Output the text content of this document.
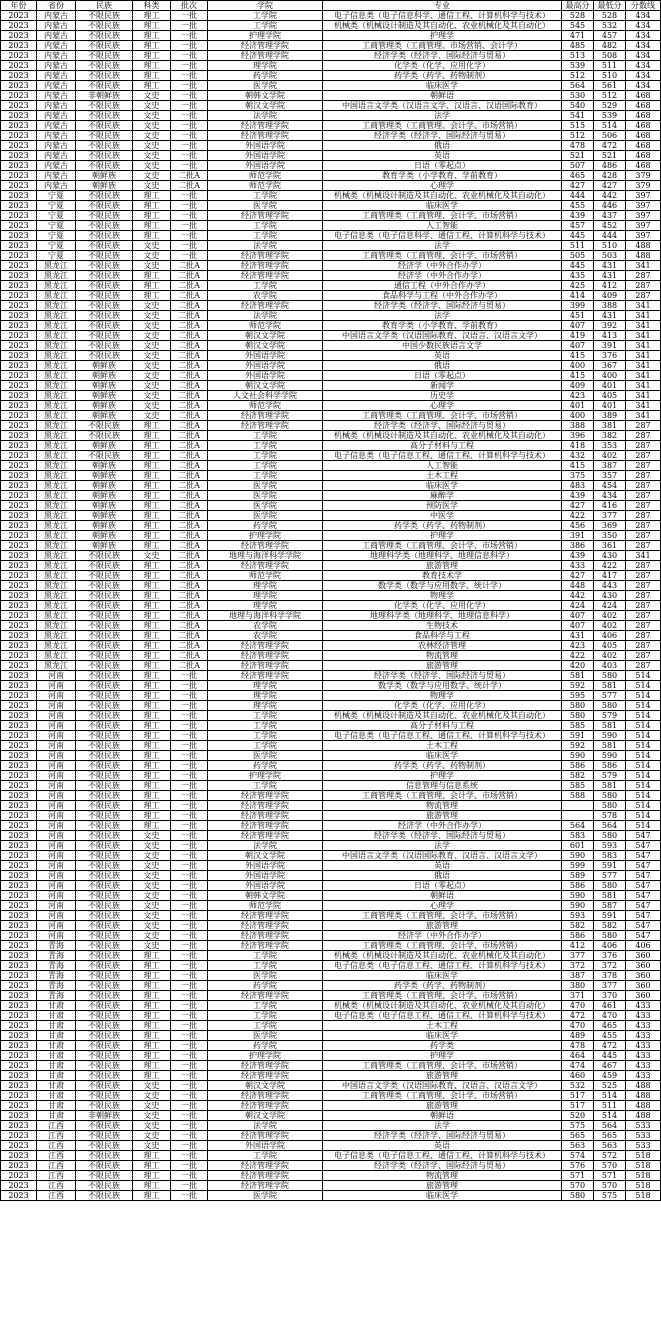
年份	省份	民族	科类	批次	学院	专业	最高分	最低分	分数线
2023	内蒙古	不限民族	理工	一批	工学院	电子信息类（电子信息科学、通信工程、计算机科学与技术）	528	528	434
2023	内蒙古	不限民族	理工	一批	工学院	机械类（机械设计制造及其自动化、农业机械化及其自动化）	545	532	434
2023	内蒙古	不限民族	理工	一批	护理学院	护理学	471	457	434
2023	内蒙古	不限民族	理工	一批	经济管理学院	工商管理类（工商管理、市场营销、会计学）	485	482	434
2023	内蒙古	不限民族	理工	一批	经济管理学院	经济学类（经济学、国际经济与贸易）	513	508	434
2023	内蒙古	不限民族	理工	一批	理学院	化学类（化学、应用化学）	539	511	434
2023	内蒙古	不限民族	理工	一批	药学院	药学类（药学、药物制剂）	512	510	434
2023	内蒙古	不限民族	理工	一批	医学院	临床医学	564	561	434
2023	内蒙古	非朝鲜族	文史	一批	朝韩文学院	朝鲜语	530	512	468
2023	内蒙古	不限民族	文史	一批	朝汉文学院	中国语言文学类（汉语言文学、汉语言、汉语国际教育）	540	529	468
2023	内蒙古	不限民族	文史	一批	法学院	法学	541	539	468
2023	内蒙古	不限民族	文史	一批	经济管理学院	工商管理类（工商管理、会计学、市场营销）	515	514	468
2023	内蒙古	不限民族	文史	一批	经济管理学院	经济学类（经济学、国际经济与贸易）	512	506	468
2023	内蒙古	不限民族	文史	一批	外国语学院	俄语	478	472	468
2023	内蒙古	不限民族	文史	一批	外国语学院	英语	521	521	468
2023	内蒙古	不限民族	文史	一批	外国语学院	日语（零起点）	507	486	468
2023	内蒙古	朝鲜族	文史	二批A	师范学院	教育学类（小学教育、学前教育）	465	428	379
2023	内蒙古	朝鲜族	文史	二批A	师范学院	心理学	427	427	379
2023	宁夏	不限民族	理工	一批	工学院	机械类（机械设计制造及其自动化、农业机械化及其自动化）	444	442	397
2023	宁夏	不限民族	理工	一批	医学院	临床医学	455	446	397
2023	宁夏	不限民族	理工	一批	经济管理学院	工商管理类（工商管理、会计学、市场营销）	439	437	397
2023	宁夏	不限民族	理工	一批	工学院	人工智能	457	452	397
2023	宁夏	不限民族	理工	一批	工学院	电子信息类（电子信息科学、通信工程、计算机科学与技术）	445	444	397
2023	宁夏	不限民族	文史	一批	法学院	法学	511	510	488
2023	宁夏	不限民族	文史	一批	经济管理学院	工商管理类（工商管理、会计学、市场营销）	505	503	488
2023	黑龙江	不限民族	文史	二批A	经济管理学院	经济学（中外合作办学）	445	431	341
2023	黑龙江	不限民族	理工	二批A	经济管理学院	经济学（中外合作办学）	435	431	287
2023	黑龙江	不限民族	理工	二批A	工学院	通信工程（中外合作办学）	425	412	287
2023	黑龙江	不限民族	理工	二批A	农学院	食品科学与工程（中外合作办学）	414	409	287
2023	黑龙江	不限民族	文史	二批A	经济管理学院	经济学类（经济学、国际经济与贸易）	399	388	341
2023	黑龙江	不限民族	文史	二批A	法学院	法学	451	431	341
2023	黑龙江	不限民族	文史	二批A	师范学院	教育学类（小学教育、学前教育）	407	392	341
2023	黑龙江	不限民族	文史	二批A	朝汉文学院	中国语言文学类（汉语国际教育、汉语言、汉语言文学）	419	413	341
2023	黑龙江	不限民族	文史	二批A	朝汉文学院	中国少数民族语言文学	407	391	341
2023	黑龙江	不限民族	文史	二批A	外国语学院	英语	415	376	341
2023	黑龙江	朝鲜族	文史	二批A	外国语学院	俄语	400	367	341
2023	黑龙江	朝鲜族	文史	二批A	外国语学院	日语（零起点）	415	400	341
2023	黑龙江	朝鲜族	文史	二批A	朝汉文学院	新闻学	409	401	341
2023	黑龙江	朝鲜族	文史	二批A	人文社会科学学院	历史学	423	405	341
2023	黑龙江	朝鲜族	文史	二批A	师范学院	心理学	401	401	341
2023	黑龙江	朝鲜族	文史	二批A	经济管理学院	工商管理类（工商管理、会计学、市场营销）	400	389	341
2023	黑龙江	不限民族	理工	二批A	经济管理学院	经济学类（经济学、国际经济与贸易）	388	381	287
2023	黑龙江	不限民族	理工	二批A	工学院	机械类（机械设计制造及其自动化、农业机械化及其自动化）	396	382	287
2023	黑龙江	朝鲜族	理工	二批A	工学院	高分子材料与工程	418	353	287
2023	黑龙江	不限民族	理工	二批A	工学院	电子信息类（电子信息工程、通信工程、计算机科学与技术）	432	402	287
2023	黑龙江	朝鲜族	理工	二批A	工学院	人工智能	415	387	287
2023	黑龙江	朝鲜族	理工	二批A	工学院	土木工程	375	357	287
2023	黑龙江	朝鲜族	理工	二批A	医学院	临床医学	483	454	287
2023	黑龙江	朝鲜族	理工	二批A	医学院	麻醉学	439	434	287
2023	黑龙江	朝鲜族	理工	二批A	医学院	预防医学	427	416	287
2023	黑龙江	朝鲜族	理工	二批A	医学院	中医学	422	377	287
2023	黑龙江	朝鲜族	理工	二批A	药学院	药学类（药学、药物制剂）	456	369	287
2023	黑龙江	朝鲜族	理工	二批A	护理学院	护理学	391	350	287
2023	黑龙江	朝鲜族	理工	二批A	经济管理学院	工商管理类（工商管理、会计学、市场营销）	386	361	287
2023	黑龙江	不限民族	文史	二批A	地理与海洋科学学院	地理科学类（地理科学、地理信息科学）	439	430	341
2023	黑龙江	不限民族	理工	二批A	经济管理学院	旅游管理	433	422	287
2023	黑龙江	不限民族	理工	二批A	师范学院	教育技术学	427	417	287
2023	黑龙江	不限民族	理工	二批A	理学院	数学类（数学与应用数学、统计学）	448	443	287
2023	黑龙江	不限民族	理工	二批A	理学院	物理学	442	430	287
2023	黑龙江	不限民族	理工	二批A	理学院	化学类（化学、应用化学）	424	424	287
2023	黑龙江	不限民族	理工	二批A	地理与海洋科学学院	地理科学类（地理科学、地理信息科学）	407	402	287
2023	黑龙江	不限民族	理工	二批A	农学院	生物技术	407	402	287
2023	黑龙江	不限民族	理工	二批A	农学院	食品科学与工程	431	406	287
2023	黑龙江	不限民族	理工	二批A	经济管理学院	农林经济管理	423	405	287
2023	黑龙江	不限民族	理工	二批A	经济管理学院	物流管理	422	402	287
2023	黑龙江	不限民族	理工	二批A	经济管理学院	旅游管理	420	403	287
2023	河南	不限民族	理工	一批	经济管理学院	经济学类（经济学、国际经济与贸易）	581	580	514
2023	河南	不限民族	理工	一批	理学院	数学类（数学与应用数学、统计学）	592	581	514
2023	河南	不限民族	理工	一批	理学院	物理学	595	577	514
2023	河南	不限民族	理工	一批	理学院	化学类（化学、应用化学）	580	580	514
2023	河南	不限民族	理工	一批	工学院	机械类（机械设计制造及其自动化、农业机械化及其自动化）	580	579	514
2023	河南	不限民族	理工	一批	工学院	高分子材料与工程	585	581	514
2023	河南	不限民族	理工	一批	工学院	电子信息类（电子信息工程、通信工程、计算机科学与技术）	591	590	514
2023	河南	不限民族	理工	一批	工学院	土木工程	592	581	514
2023	河南	不限民族	理工	一批	医学院	临床医学	590	590	514
2023	河南	不限民族	理工	一批	药学院	药学类（药学、药物制剂）	586	586	514
2023	河南	不限民族	理工	一批	护理学院	护理学	582	579	514
2023	河南	不限民族	理工	一批	工学院	信息管理与信息系统	585	581	514
2023	河南	不限民族	理工	一批	经济管理学院	工商管理类（工商管理、会计学、市场营销）	588	580	514
2023	河南	不限民族	理工	一批	经济管理学院	物流管理		580	514
2023	河南	不限民族	理工	一批	经济管理学院	旅游管理		578	514
2023	河南	不限民族	理工	一批	经济管理学院	经济学（中外合作办学）	564	564	514
2023	河南	不限民族	文史	一批	经济管理学院	经济学类（经济学、国际经济与贸易）	583	580	547
2023	河南	不限民族	文史	一批	法学院	法学	601	593	547
2023	河南	不限民族	文史	一批	朝汉文学院	中国语言文学类（汉语国际教育、汉语言、汉语言文学）	590	583	547
2023	河南	不限民族	文史	一批	外国语学院	英语	599	591	547
2023	河南	不限民族	文史	一批	外国语学院	俄语	589	577	547
2023	河南	不限民族	文史	一批	外国语学院	日语（零起点）	586	580	547
2023	河南	不限民族	文史	一批	朝韩文学院	朝鲜语	590	581	547
2023	河南	不限民族	文史	一批	师范学院	心理学	590	587	547
2023	河南	不限民族	文史	一批	经济管理学院	工商管理类（工商管理、会计学、市场营销）	593	591	547
2023	河南	不限民族	文史	一批	经济管理学院	旅游管理	582	582	547
2023	河南	不限民族	文史	一批	经济管理学院	经济学（中外合作办学）	586	580	547
2023	青海	不限民族	文史	一批	经济管理学院	工商管理类（工商管理、会计学、市场营销）	412	406	406
2023	青海	不限民族	理工	一批	工学院	机械类（机械设计制造及其自动化、农业机械化及其自动化）	377	376	360
2023	青海	不限民族	理工	一批	工学院	电子信息类（电子信息工程、通信工程、计算机科学与技术）	372	372	360
2023	青海	不限民族	理工	一批	医学院	临床医学	387	378	360
2023	青海	不限民族	理工	一批	药学院	药学类（药学、药物制剂）	380	377	360
2023	青海	不限民族	理工	一批	经济管理学院	工商管理类（工商管理、会计学、市场营销）	371	370	360
2023	甘肃	不限民族	理工	一批	工学院	机械类（机械设计制造及其自动化、农业机械化及其自动化）	470	461	433
2023	甘肃	不限民族	理工	一批	工学院	电子信息类（电子信息工程、通信工程、计算机科学与技术）	472	470	433
2023	甘肃	不限民族	理工	一批	工学院	土木工程	470	465	433
2023	甘肃	不限民族	理工	一批	医学院	临床医学	489	455	433
2023	甘肃	不限民族	理工	一批	药学院	药学类	478	472	433
2023	甘肃	不限民族	理工	一批	护理学院	护理学	464	445	433
2023	甘肃	不限民族	理工	一批	经济管理学院	工商管理类（工商管理、会计学、市场营销）	474	467	433
2023	甘肃	不限民族	理工	一批	经济管理学院	旅游管理	460	459	433
2023	甘肃	不限民族	文史	一批	朝汉文学院	中国语言文学类（汉语国际教育、汉语言、汉语言文学）	532	525	488
2023	甘肃	不限民族	文史	一批	经济管理学院	工商管理类（工商管理、会计学、市场营销）	517	514	488
2023	甘肃	不限民族	文史	一批	经济管理学院	旅游管理	517	511	488
2023	甘肃	非朝鲜族	文史	一批	朝汉文学院	朝鲜语	520	514	488
2023	江西	不限民族	文史	一批	法学院	法学	575	564	533
2023	江西	不限民族	文史	一批	经济管理学院	经济学类（经济学、国际经济与贸易）	565	565	533
2023	江西	不限民族	文史	一批	外国语学院	英语	563	563	533
2023	江西	不限民族	理工	一批	工学院	电子信息类（电子信息工程、通信工程、计算机科学与技术）	574	572	518
2023	江西	不限民族	理工	一批	经济管理学院	经济学类（经济学、国际经济与贸易）	576	570	518
2023	江西	不限民族	理工	一批	经济管理学院	物流管理	571	571	518
2023	江西	不限民族	理工	一批	经济管理学院	旅游管理	570	570	518
2023	江西	不限民族	理工	一批	医学院	临床医学	580	575	518
